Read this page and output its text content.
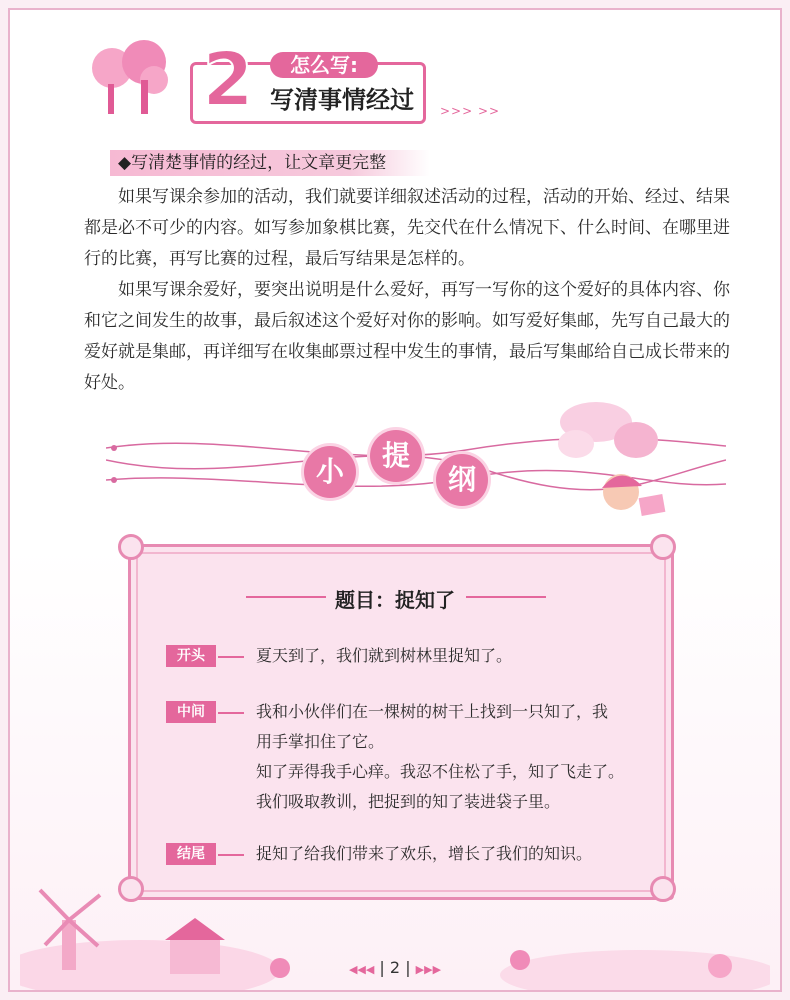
2	怎么写:
写清事情经过	>>> >>
◆写清楚事情的经过，让文章更完整

如果写课余参加的活动，我们就要详细叙述活动的过程，活动的开始、经过、结果都是必不可少的内容。如写参加象棋比赛，先交代在什么情况下、什么时间、在哪里进行的比赛，再写比赛的过程，最后写结果是怎样的。

如果写课余爱好，要突出说明是什么爱好，再写一写你的这个爱好的具体内容、你和它之间发生的故事，最后叙述这个爱好对你的影响。如写爱好集邮，先写自己最大的爱好就是集邮，再详细写在收集邮票过程中发生的事情，最后写集邮给自己成长带来的好处。

小	提
纲
题目：捉知了
开头	夏天到了，我们就到树林里捉知了。
中间	我和小伙伴们在一棵树的树干上找到一只知了，我
用手掌扣住了它。
知了弄得我手心痒。我忍不住松了手，知了飞走了。
我们吸取教训，把捉到的知了装进袋子里。
结尾	捉知了给我们带来了欢乐，增长了我们的知识。
◀◀◀ | 2 | ▶▶▶
